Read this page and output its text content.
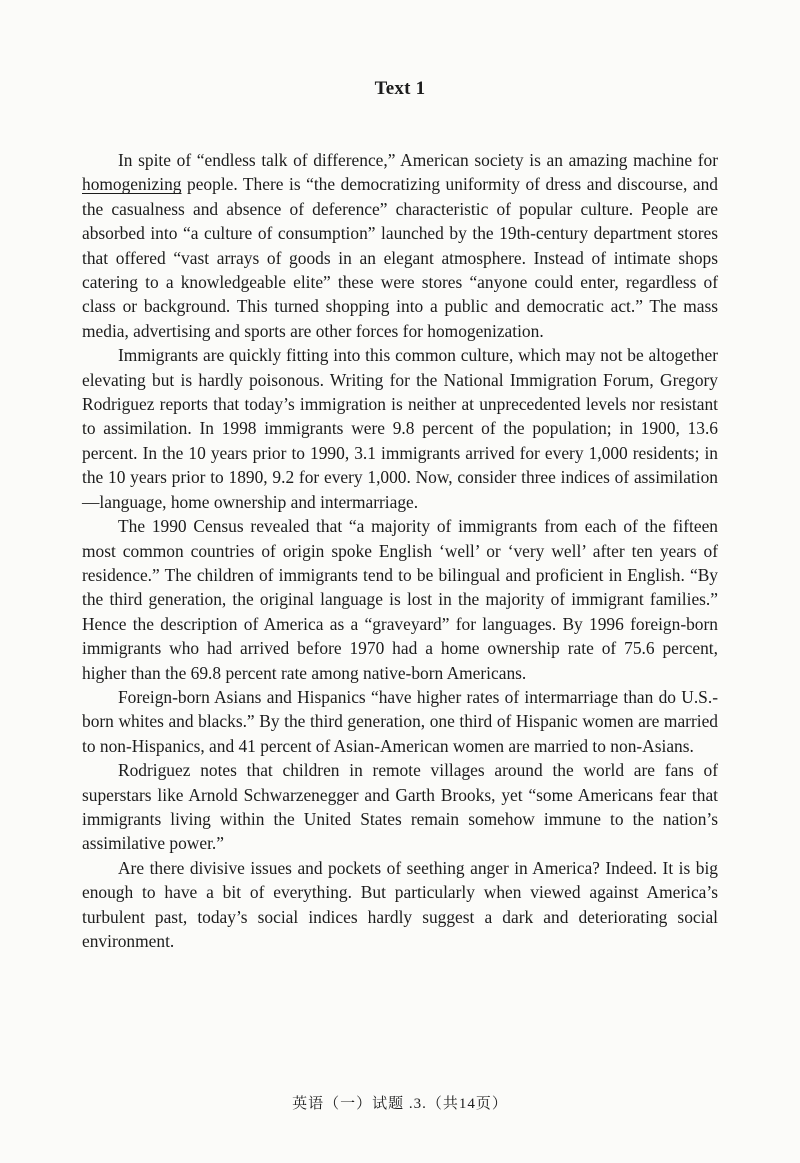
Text 1

In spite of “endless talk of difference,” American society is an amazing machine for homogenizing people. There is “the democratizing uniformity of dress and discourse, and the casualness and absence of deference” characteristic of popular culture. People are absorbed into “a culture of consumption” launched by the 19th-century department stores that offered “vast arrays of goods in an elegant atmosphere. Instead of intimate shops catering to a knowledgeable elite” these were stores “anyone could enter, regardless of class or background. This turned shopping into a public and democratic act.” The mass media, advertising and sports are other forces for homogenization.

Immigrants are quickly fitting into this common culture, which may not be altogether elevating but is hardly poisonous. Writing for the National Immigration Forum, Gregory Rodriguez reports that today’s immigration is neither at unprecedented levels nor resistant to assimilation. In 1998 immigrants were 9.8 percent of the population; in 1900, 13.6 percent. In the 10 years prior to 1990, 3.1 immigrants arrived for every 1,000 residents; in the 10 years prior to 1890, 9.2 for every 1,000. Now, consider three indices of assimilation—language, home ownership and intermarriage.

The 1990 Census revealed that “a majority of immigrants from each of the fifteen most common countries of origin spoke English ‘well’ or ‘very well’ after ten years of residence.” The children of immigrants tend to be bilingual and proficient in English. “By the third generation, the original language is lost in the majority of immigrant families.” Hence the description of America as a “graveyard” for languages. By 1996 foreign-born immigrants who had arrived before 1970 had a home ownership rate of 75.6 percent, higher than the 69.8 percent rate among native-born Americans.

Foreign-born Asians and Hispanics “have higher rates of intermarriage than do U.S.-born whites and blacks.” By the third generation, one third of Hispanic women are married to non-Hispanics, and 41 percent of Asian-American women are married to non-Asians.

Rodriguez notes that children in remote villages around the world are fans of superstars like Arnold Schwarzenegger and Garth Brooks, yet “some Americans fear that immigrants living within the United States remain somehow immune to the nation’s assimilative power.”

Are there divisive issues and pockets of seething anger in America? Indeed. It is big enough to have a bit of everything. But particularly when viewed against America’s turbulent past, today’s social indices hardly suggest a dark and deteriorating social environment.

英语（一）试题 .3.（共14页）
